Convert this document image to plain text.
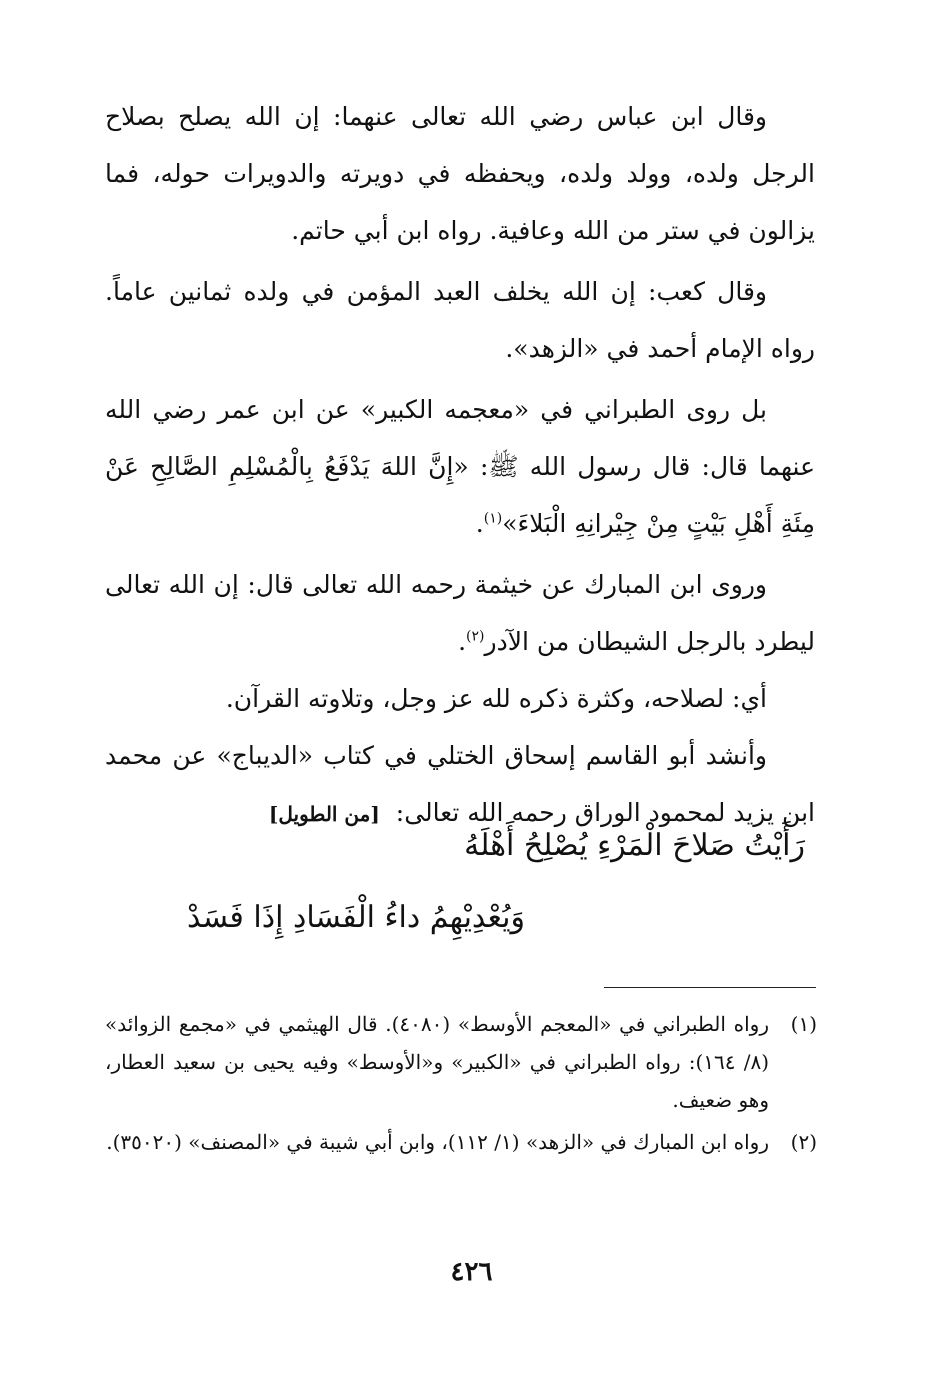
وقال ابن عباس رضي الله تعالى عنهما: إن الله يصلح بصلاح الرجل ولده، وولد ولده، ويحفظه في دويرته والدويرات حوله، فما يزالون في ستر من الله وعافية. رواه ابن أبي حاتم.

وقال كعب: إن الله يخلف العبد المؤمن في ولده ثمانين عاماً. رواه الإمام أحمد في «الزهد».

بل روى الطبراني في «معجمه الكبير» عن ابن عمر رضي الله عنهما قال: قال رسول الله ﷺ: «إِنَّ اللهَ يَدْفَعُ بِالْمُسْلِمِ الصَّالِحِ عَنْ مِئَةِ أَهْلِ بَيْتٍ مِنْ جِيْرانِهِ الْبَلاءَ»$^{(١)}$.

وروى ابن المبارك عن خيثمة رحمه الله تعالى قال: إن الله تعالى ليطرد بالرجل الشيطان من الآدر$^{(٢)}$.

أي: لصلاحه، وكثرة ذكره لله عز وجل، وتلاوته القرآن.

وأنشد أبو القاسم إسحاق الختلي في كتاب «الديباج» عن محمد ابن يزيد لمحمود الوراق رحمه الله تعالى: [من الطويل]

رَأَيْتُ صَلاحَ الْمَرْءِ يُصْلِحُ أَهْلَهُ
وَيُعْدِيْهِمُ داءُ الْفَسَادِ إِذَا فَسَدْ
(١)
رواه الطبراني في «المعجم الأوسط» (٤٠٨٠). قال الهيثمي في «مجمع الزوائد» (٨/ ١٦٤): رواه الطبراني في «الكبير» و«الأوسط» وفيه يحيى بن سعيد العطار، وهو ضعيف.
(٢)
رواه ابن المبارك في «الزهد» (١/ ١١٢)، وابن أبي شيبة في «المصنف» (٣٥٠٢٠).
٤٢٦
